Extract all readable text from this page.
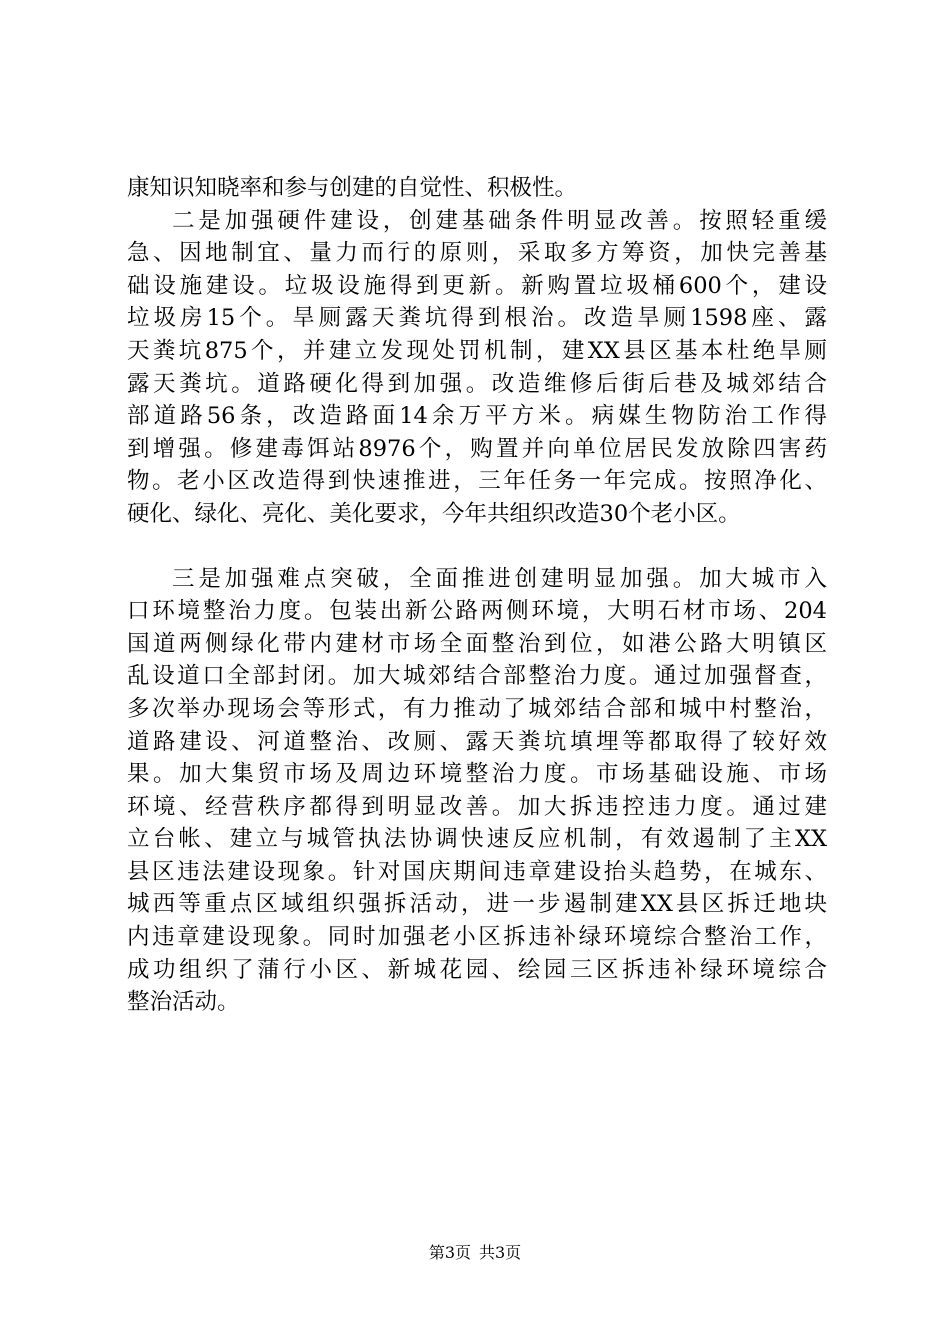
康知识知晓率和参与创建的自觉性、积极性。
二是加强硬件建设，创建基础条件明显改善。按照轻重缓
急、因地制宜、量力而行的原则，采取多方筹资，加快完善基
础设施建设。垃圾设施得到更新。新购置垃圾桶600个，建设
垃圾房15个。旱厕露天粪坑得到根治。改造旱厕1598座、露
天粪坑875个，并建立发现处罚机制，建XX县区基本杜绝旱厕
露天粪坑。道路硬化得到加强。改造维修后街后巷及城郊结合
部道路56条，改造路面14余万平方米。病媒生物防治工作得
到增强。修建毒饵站8976个，购置并向单位居民发放除四害药
物。老小区改造得到快速推进，三年任务一年完成。按照净化、
硬化、绿化、亮化、美化要求，今年共组织改造30个老小区。
三是加强难点突破，全面推进创建明显加强。加大城市入
口环境整治力度。包装出新公路两侧环境，大明石材市场、204
国道两侧绿化带内建材市场全面整治到位，如港公路大明镇区
乱设道口全部封闭。加大城郊结合部整治力度。通过加强督查，
多次举办现场会等形式，有力推动了城郊结合部和城中村整治，
道路建设、河道整治、改厕、露天粪坑填埋等都取得了较好效
果。加大集贸市场及周边环境整治力度。市场基础设施、市场
环境、经营秩序都得到明显改善。加大拆违控违力度。通过建
立台帐、建立与城管执法协调快速反应机制，有效遏制了主XX
县区违法建设现象。针对国庆期间违章建设抬头趋势，在城东、
城西等重点区域组织强拆活动，进一步遏制建XX县区拆迁地块
内违章建设现象。同时加强老小区拆违补绿环境综合整治工作，
成功组织了蒲行小区、新城花园、绘园三区拆违补绿环境综合
整治活动。
第3页 共3页
